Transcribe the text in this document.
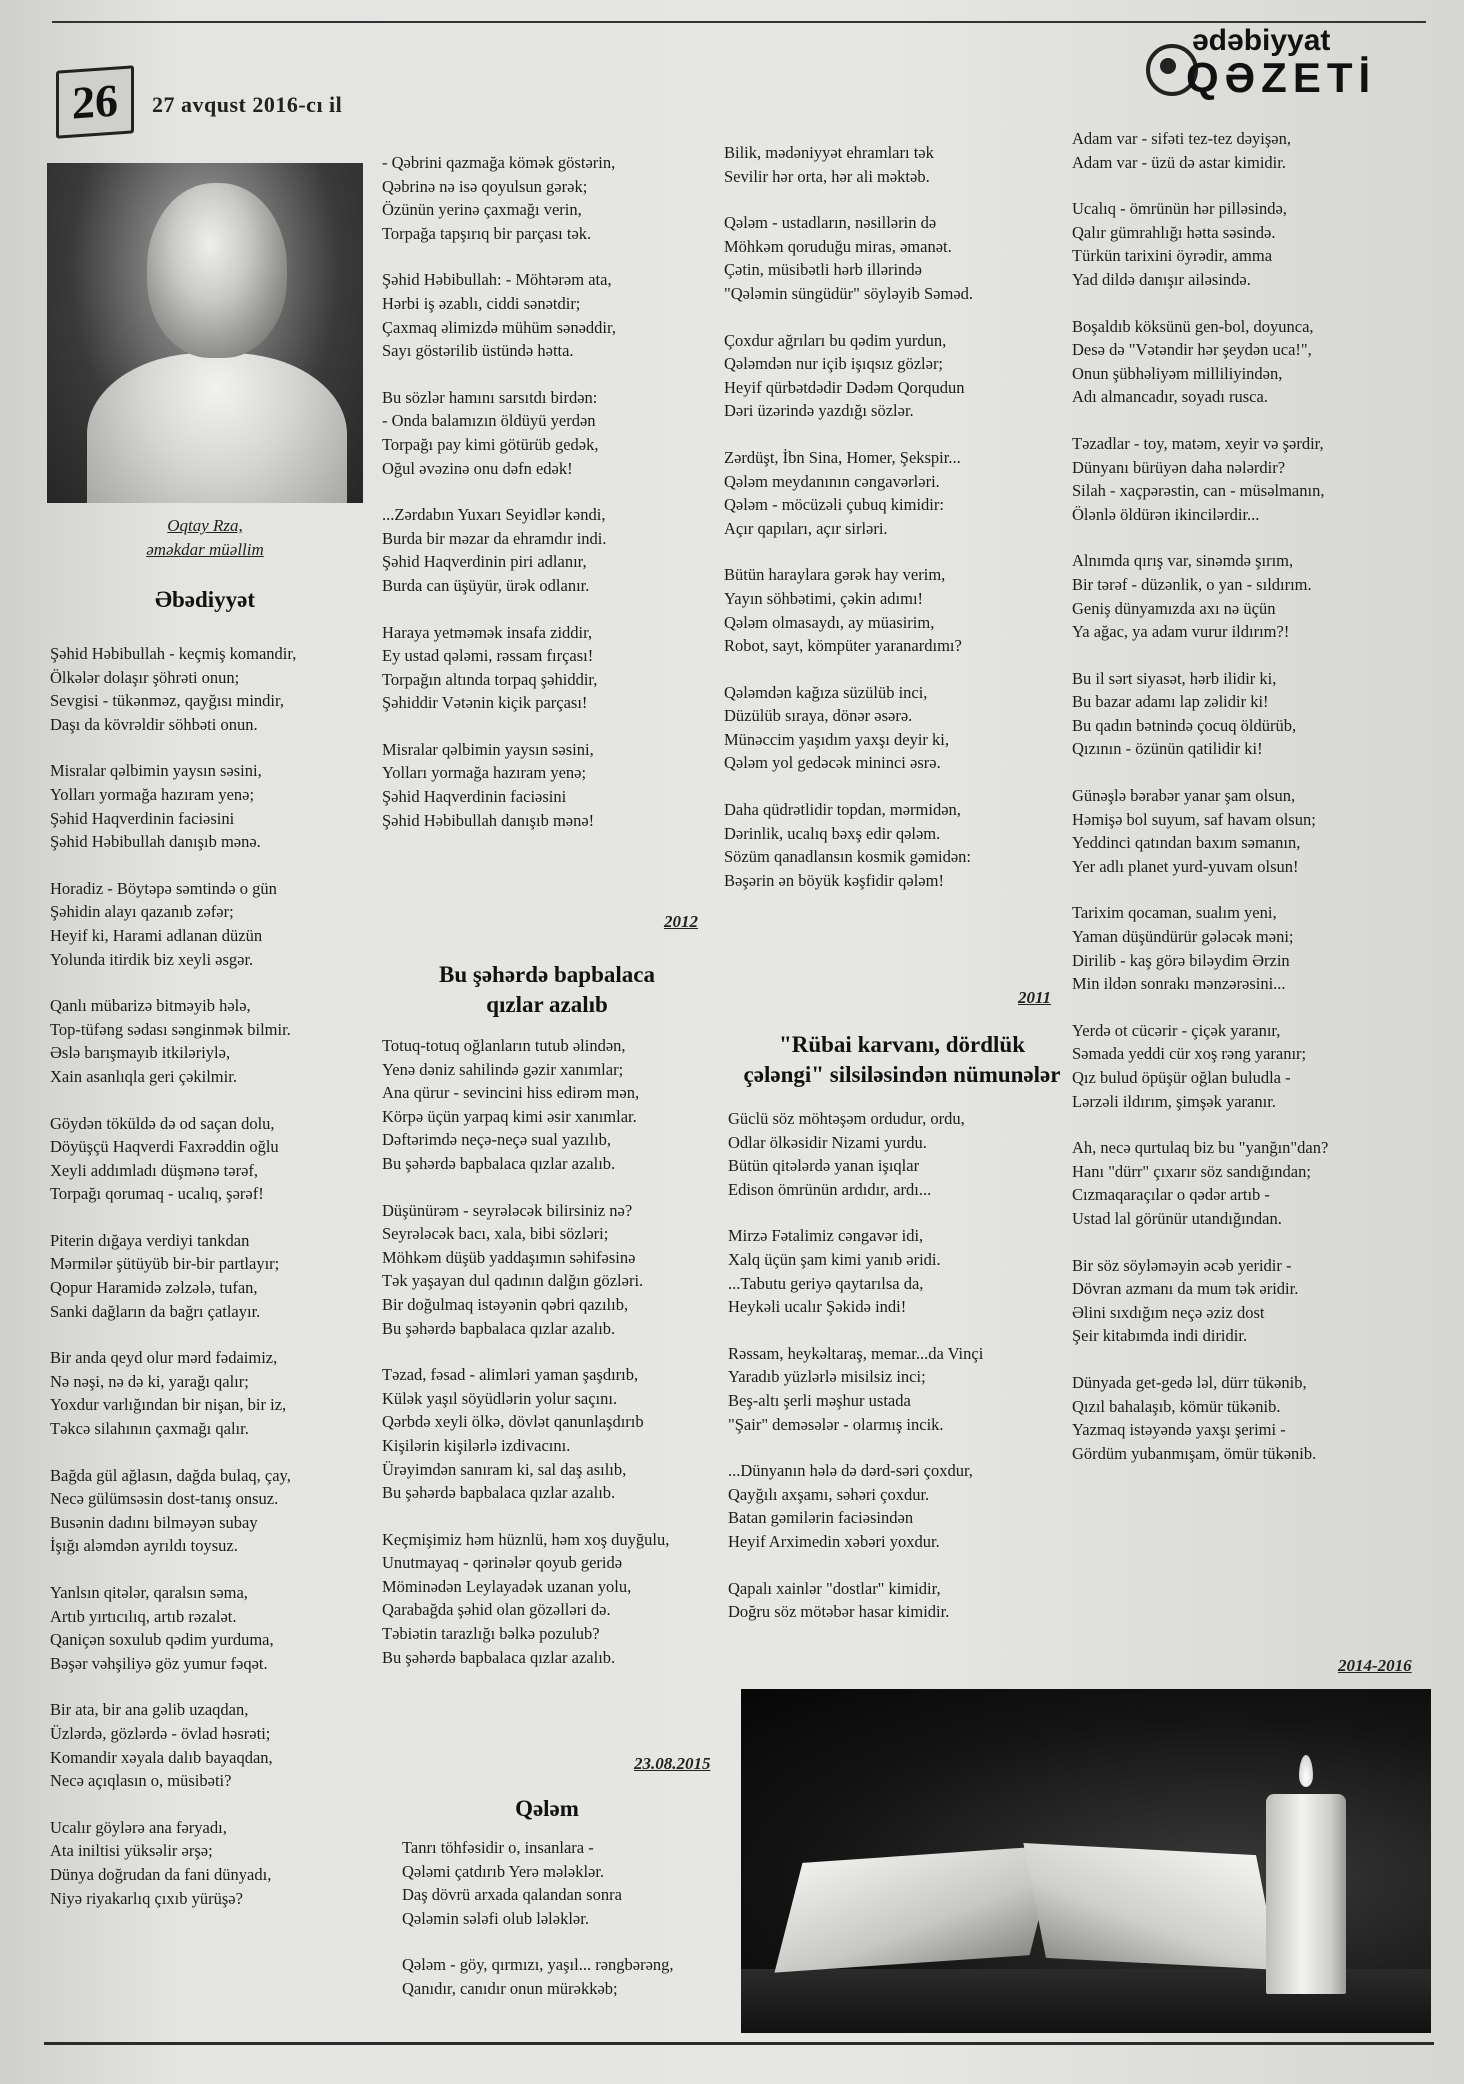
26	27 avqust 2016-cı il
ədəbiyyat
QƏZETİ
Oqtay Rza,
əməkdar müəllim
Əbədiyyət
Şəhid Həbibullah - keçmiş komandir,
Ölkələr dolaşır şöhrəti onun;
Sevgisi - tükənməz, qayğısı mindir,
Daşı da kövrəldir söhbəti onun.
Misralar qəlbimin yaysın səsini,
Yolları yormağa hazıram yenə;
Şəhid Haqverdinin faciəsini
Şəhid Həbibullah danışıb mənə.
Horadiz - Böytəpə səmtində o gün
Şəhidin alayı qazanıb zəfər;
Heyif ki, Harami adlanan düzün
Yolunda itirdik biz xeyli əsgər.
Qanlı mübarizə bitməyib hələ,
Top-tüfəng sədası sənginmək bilmir.
Əslə barışmayıb itkiləriylə,
Xain asanlıqla geri çəkilmir.
Göydən töküldə də od saçan dolu,
Döyüşçü Haqverdi Faxrəddin oğlu
Xeyli addımladı düşmənə tərəf,
Torpağı qorumaq - ucalıq, şərəf!
Piterin dığaya verdiyi tankdan
Mərmilər şütüyüb bir-bir partlayır;
Qopur Haramidə zəlzələ, tufan,
Sanki dağların da bağrı çatlayır.
Bir anda qeyd olur mərd fədaimiz,
Nə nəşi, nə də ki, yarağı qalır;
Yoxdur varlığından bir nişan, bir iz,
Təkcə silahının çaxmağı qalır.
Bağda gül ağlasın, dağda bulaq, çay,
Necə gülümsəsin dost-tanış onsuz.
Busənin dadını bilməyən subay
İşığı aləmdən ayrıldı toysuz.
Yanlsın qitələr, qaralsın səma,
Artıb yırtıcılıq, artıb rəzalət.
Qaniçən soxulub qədim yurduma,
Bəşər vəhşiliyə göz yumur fəqət.
Bir ata, bir ana gəlib uzaqdan,
Üzlərdə, gözlərdə - övlad həsrəti;
Komandir xəyala dalıb bayaqdan,
Necə açıqlasın o, müsibəti?
Ucalır göylərə ana fəryadı,
Ata iniltisi yüksəlir ərşə;
Dünya doğrudan da fani dünyadı,
Niyə riyakarlıq çıxıb yürüşə?
- Qəbrini qazmağa kömək göstərin,
Qəbrinə nə isə qoyulsun gərək;
Özünün yerinə çaxmağı verin,
Torpağa tapşırıq bir parçası tək.
Şəhid Həbibullah: - Möhtərəm ata,
Hərbi iş əzablı, ciddi sənətdir;
Çaxmaq əlimizdə mühüm sənəddir,
Sayı göstərilib üstündə hətta.
Bu sözlər hamını sarsıtdı birdən:
- Onda balamızın öldüyü yerdən
Torpağı pay kimi götürüb gedək,
Oğul əvəzinə onu dəfn edək!
...Zərdabın Yuxarı Seyidlər kəndi,
Burda bir məzar da ehramdır indi.
Şəhid Haqverdinin piri adlanır,
Burda can üşüyür, ürək odlanır.
Haraya yetməmək insafa ziddir,
Ey ustad qələmi, rəssam fırçası!
Torpağın altında torpaq şəhiddir,
Şəhiddir Vətənin kiçik parçası!
Misralar qəlbimin yaysın səsini,
Yolları yormağa hazıram yenə;
Şəhid Haqverdinin faciəsini
Şəhid Həbibullah danışıb mənə!
2012
Bu şəhərdə bapbalaca
qızlar azalıb
Totuq-totuq oğlanların tutub əlindən,
Yenə dəniz sahilində gəzir xanımlar;
Ana qürur - sevincini hiss edirəm mən,
Körpə üçün yarpaq kimi əsir xanımlar.
Dəftərimdə neçə-neçə sual yazılıb,
Bu şəhərdə bapbalaca qızlar azalıb.
Düşünürəm - seyrələcək bilirsiniz nə?
Seyrələcək bacı, xala, bibi sözləri;
Möhkəm düşüb yaddaşımın səhifəsinə
Tək yaşayan dul qadının dalğın gözləri.
Bir doğulmaq istəyənin qəbri qazılıb,
Bu şəhərdə bapbalaca qızlar azalıb.
Təzad, fəsad - alimləri yaman şaşdırıb,
Külək yaşıl söyüdlərin yolur saçını.
Qərbdə xeyli ölkə, dövlət qanunlaşdırıb
Kişilərin kişilərlə izdivacını.
Ürəyimdən sanıram ki, sal daş asılıb,
Bu şəhərdə bapbalaca qızlar azalıb.
Keçmişimiz həm hüznlü, həm xoş duyğulu,
Unutmayaq - qərinələr qoyub geridə
Möminədən Leylayadək uzanan yolu,
Qarabağda şəhid olan gözəlləri də.
Təbiətin tarazlığı bəlkə pozulub?
Bu şəhərdə bapbalaca qızlar azalıb.
23.08.2015
Qələm
Tanrı töhfəsidir o, insanlara -
Qələmi çatdırıb Yerə mələklər.
Daş dövrü arxada qalandan sonra
Qələmin sələfi olub lələklər.
Qələm - göy, qırmızı, yaşıl... rəngbərəng,
Qanıdır, canıdır onun mürəkkəb;
Bilik, mədəniyyət ehramları tək
Sevilir hər orta, hər ali məktəb.
Qələm - ustadların, nəsillərin də
Möhkəm qoruduğu miras, əmanət.
Çətin, müsibətli hərb illərində
"Qələmin süngüdür" söyləyib Səməd.
Çoxdur ağrıları bu qədim yurdun,
Qələmdən nur içib işıqsız gözlər;
Heyif qürbətdədir Dədəm Qorqudun
Dəri üzərində yazdığı sözlər.
Zərdüşt, İbn Sina, Homer, Şekspir...
Qələm meydanının cəngavərləri.
Qələm - möcüzəli çubuq kimidir:
Açır qapıları, açır sirləri.
Bütün haraylara gərək hay verim,
Yayın söhbətimi, çəkin adımı!
Qələm olmasaydı, ay müasirim,
Robot, sayt, kömpüter yaranardımı?
Qələmdən kağıza süzülüb inci,
Düzülüb sıraya, dönər əsərə.
Münəccim yaşıdım yaxşı deyir ki,
Qələm yol gedəcək mininci əsrə.
Daha qüdrətlidir topdan, mərmidən,
Dərinlik, ucalıq bəxş edir qələm.
Sözüm qanadlansın kosmik gəmidən:
Bəşərin ən böyük kəşfidir qələm!
2011
"Rübai karvanı, dördlük
çələngi" silsiləsindən nümunələr
Güclü söz möhtəşəm ordudur, ordu,
Odlar ölkəsidir Nizami yurdu.
Bütün qitələrdə yanan işıqlar
Edison ömrünün ardıdır, ardı...
Mirzə Fətalimiz cəngavər idi,
Xalq üçün şam kimi yanıb əridi.
...Tabutu geriyə qaytarılsa da,
Heykəli ucalır Şəkidə indi!
Rəssam, heykəltaraş, memar...da Vinçi
Yaradıb yüzlərlə misilsiz inci;
Beş-altı şerli məşhur ustada
"Şair" deməsələr - olarmış incik.
...Dünyanın hələ də dərd-səri çoxdur,
Qayğılı axşamı, səhəri çoxdur.
Batan gəmilərin faciəsindən
Heyif Arximedin xəbəri yoxdur.
Qapalı xainlər "dostlar" kimidir,
Doğru söz mötəbər hasar kimidir.
Adam var - sifəti tez-tez dəyişən,
Adam var - üzü də astar kimidir.
Ucalıq - ömrünün hər pilləsində,
Qalır gümrahlığı hətta səsində.
Türkün tarixini öyrədir, amma
Yad dildə danışır ailəsində.
Boşaldıb köksünü gen-bol, doyunca,
Desə də "Vətəndir hər şeydən uca!",
Onun şübhəliyəm milliliyindən,
Adı almancadır, soyadı rusca.
Təzadlar - toy, matəm, xeyir və şərdir,
Dünyanı bürüyən daha nələrdir?
Silah - xaçpərəstin, can - müsəlmanın,
Ölənlə öldürən ikincilərdir...
Alnımda qırış var, sinəmdə şırım,
Bir tərəf - düzənlik, o yan - sıldırım.
Geniş dünyamızda axı nə üçün
Ya ağac, ya adam vurur ildırım?!
Bu il sərt siyasət, hərb ilidir ki,
Bu bazar adamı lap zəlidir ki!
Bu qadın bətnində çocuq öldürüb,
Qızının - özünün qatilidir ki!
Günəşlə bərabər yanar şam olsun,
Həmişə bol suyum, saf havam olsun;
Yeddinci qatından baxım səmanın,
Yer adlı planet yurd-yuvam olsun!
Tarixim qocaman, sualım yeni,
Yaman düşündürür gələcək məni;
Dirilib - kaş görə biləydim Ərzin
Min ildən sonrakı mənzərəsini...
Yerdə ot cücərir - çiçək yaranır,
Səmada yeddi cür xoş rəng yaranır;
Qız bulud öpüşür oğlan buludla -
Lərzəli ildırım, şimşək yaranır.
Ah, necə qurtulaq biz bu "yanğın"dan?
Hanı "dürr" çıxarır söz sandığından;
Cızmaqaraçılar o qədər artıb -
Ustad lal görünür utandığından.
Bir söz söyləməyin əcəb yeridir -
Dövran azmanı da mum tək əridir.
Əlini sıxdığım neçə əziz dost
Şeir kitabımda indi diridir.
Dünyada get-gedə ləl, dürr tükənib,
Qızıl bahalaşıb, kömür tükənib.
Yazmaq istəyəndə yaxşı şerimi -
Gördüm yubanmışam, ömür tükənib.
2014-2016
